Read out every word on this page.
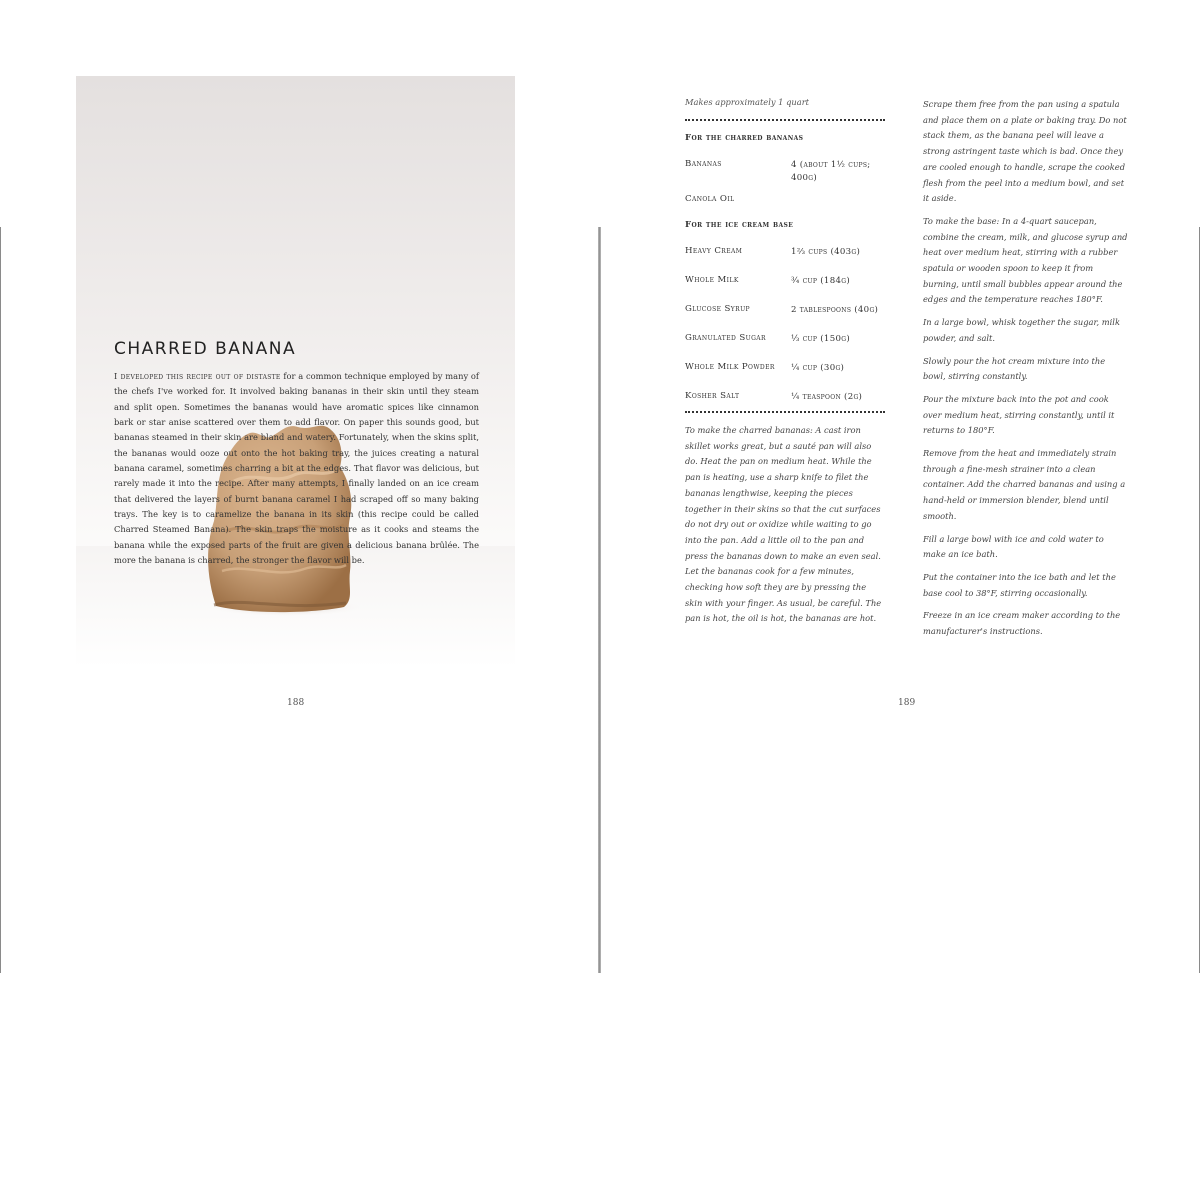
CHARRED BANANA

I developed this recipe out of distaste for a common technique employed by many of the chefs I've worked for. It involved baking bananas in their skin until they steam and split open. Sometimes the bananas would have aromatic spices like cinnamon bark or star anise scattered over them to add flavor. On paper this sounds good, but bananas steamed in their skin are bland and watery. Fortunately, when the skins split, the bananas would ooze out onto the hot baking tray, the juices creating a natural banana caramel, sometimes charring a bit at the edges. That flavor was delicious, but rarely made it into the recipe. After many attempts, I finally landed on an ice cream that delivered the layers of burnt banana caramel I had scraped off so many baking trays. The key is to caramelize the banana in its skin (this recipe could be called Charred Steamed Banana). The skin traps the moisture as it cooks and steams the banana while the exposed parts of the fruit are given a delicious banana brûlée. The more the banana is charred, the stronger the flavor will be.

188

Makes approximately 1 quart

For the charred bananas
Bananas	4 (about 1½ cups; 400g)
Canola Oil
For the ice cream base
Heavy Cream	1⅔ cups (403g)
Whole Milk	¾ cup (184g)
Glucose Syrup	2 tablespoons (40g)
Granulated Sugar	⅓ cup (150g)
Whole Milk Powder ¼ cup (30g)
Kosher Salt	¼ teaspoon (2g)

To make the charred bananas: A cast iron skillet works great, but a sauté pan will also do. Heat the pan on medium heat. While the pan is heating, use a sharp knife to filet the bananas lengthwise, keeping the pieces together in their skins so that the cut surfaces do not dry out or oxidize while waiting to go into the pan. Add a little oil to the pan and press the bananas down to make an even seal. Let the bananas cook for a few minutes, checking how soft they are by pressing the skin with your finger. As usual, be careful. The pan is hot, the oil is hot, the bananas are hot.

Scrape them free from the pan using a spatula and place them on a plate or baking tray. Do not stack them, as the banana peel will leave a strong astringent taste which is bad. Once they are cooled enough to handle, scrape the cooked flesh from the peel into a medium bowl, and set it aside.

To make the base: In a 4-quart saucepan, combine the cream, milk, and glucose syrup and heat over medium heat, stirring with a rubber spatula or wooden spoon to keep it from burning, until small bubbles appear around the edges and the temperature reaches 180°F.

In a large bowl, whisk together the sugar, milk powder, and salt.

Slowly pour the hot cream mixture into the bowl, stirring constantly.

Pour the mixture back into the pot and cook over medium heat, stirring constantly, until it returns to 180°F.

Remove from the heat and immediately strain through a fine-mesh strainer into a clean container. Add the charred bananas and using a hand-held or immersion blender, blend until smooth.

Fill a large bowl with ice and cold water to make an ice bath.

Put the container into the ice bath and let the base cool to 38°F, stirring occasionally.

Freeze in an ice cream maker according to the manufacturer's instructions.

189
